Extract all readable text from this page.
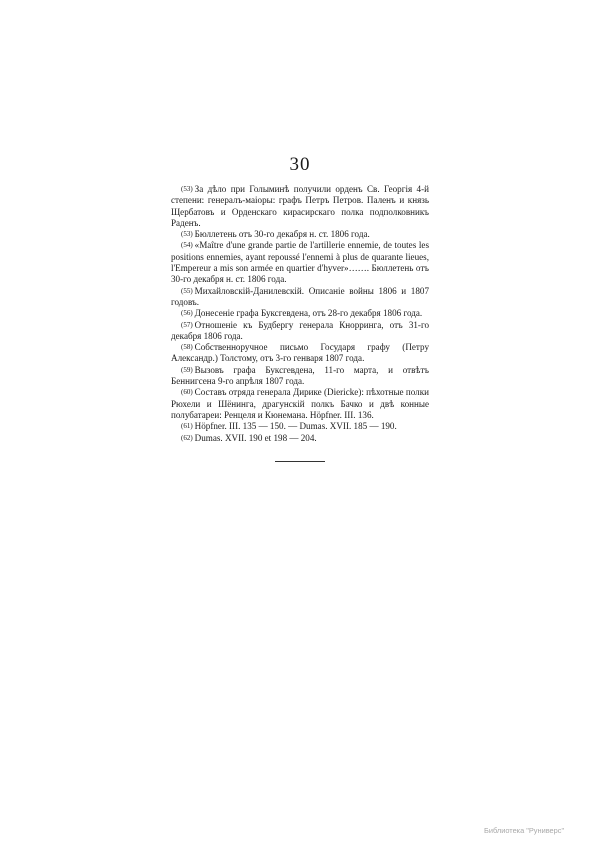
30

(53) За дѣло при Голыминѣ получили орденъ Св. Георгія 4-й степени: генералъ-маіоры: графъ Петръ Петров. Паленъ и князь Щербатовъ и Орденскаго кирасирскаго полка подполковникъ Раденъ.

(53) Бюллетень отъ 30-го декабря н. ст. 1806 года.

(54) «Maître d'une grande partie de l'artillerie ennemie, de toutes les positions ennemies, ayant repoussé l'ennemi à plus de quarante lieues, l'Empereur a mis son armée en quartier d'hyver»……. Бюллетень отъ 30-го декабря н. ст. 1806 года.

(55) Михайловскій-Данилевскій. Описаніе войны 1806 и 1807 годовъ.

(56) Донесеніе графа Буксгевдена, отъ 28-го декабря 1806 года.

(57) Отношеніе къ Будбергу генерала Кнорринга, отъ 31-го декабря 1806 года.

(58) Собственноручное письмо Государя графу (Петру Александр.) Толстому, отъ 3-го генваря 1807 года.

(59) Вызовъ графа Буксгевдена, 11-го марта, и отвѣтъ Беннигсена 9-го апрѣля 1807 года.

(60) Составъ отряда генерала Дирике (Diericke): пѣхотные полки Рюхели и Шёнинга, драгунскій полкъ Бачко и двѣ конные полубатареи: Ренцеля и Кюнемана. Höpfner. III. 136.

(61) Höpfner. III. 135 — 150. — Dumas. XVII. 185 — 190.

(62) Dumas. XVII. 190 et 198 — 204.

Библиотека "Руниверс"
